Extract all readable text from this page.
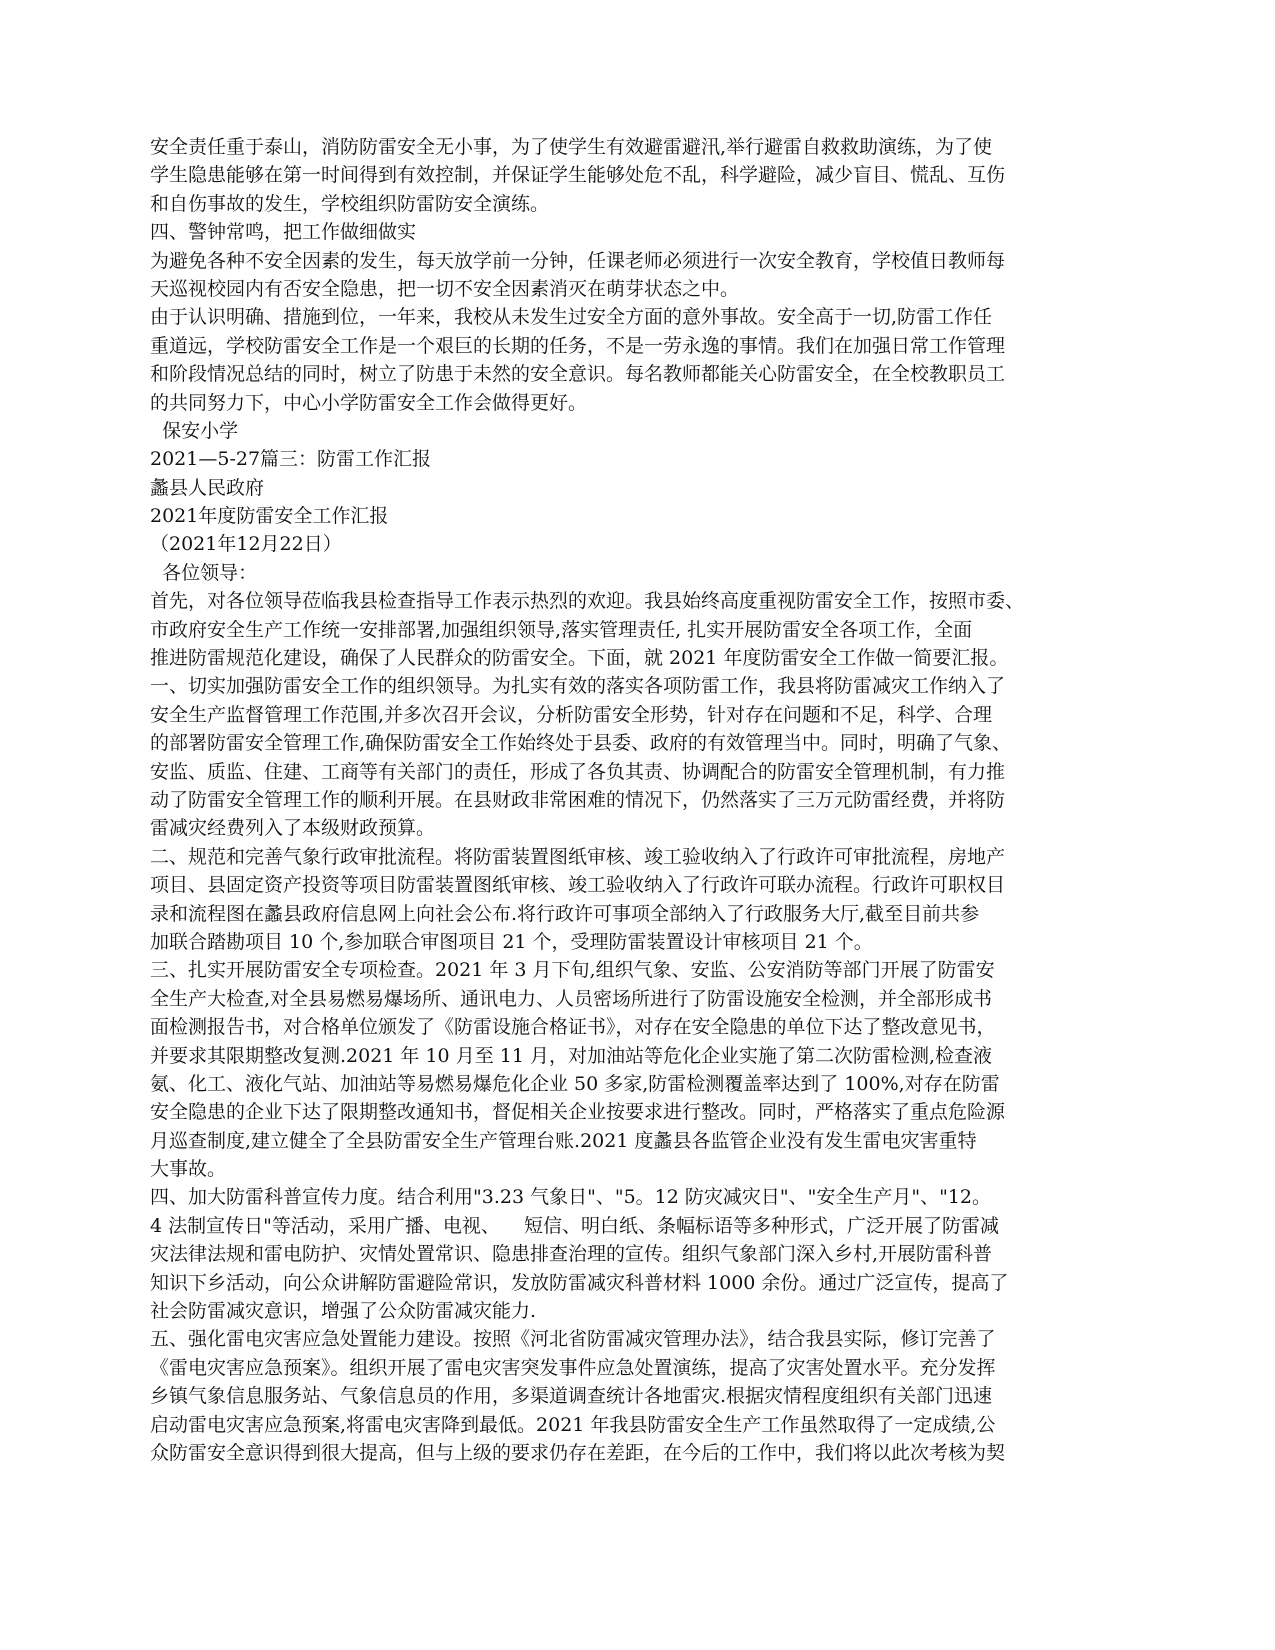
安全责任重于泰山，消防防雷安全无小事，为了使学生有效避雷避汛,举行避雷自救救助演练，为了使
学生隐患能够在第一时间得到有效控制，并保证学生能够处危不乱，科学避险，减少盲目、慌乱、互伤
和自伤事故的发生，学校组织防雷防安全演练。
四、警钟常鸣，把工作做细做实
为避免各种不安全因素的发生，每天放学前一分钟，任课老师必须进行一次安全教育，学校值日教师每
天巡视校园内有否安全隐患，把一切不安全因素消灭在萌芽状态之中。
由于认识明确、措施到位，一年来，我校从未发生过安全方面的意外事故。安全高于一切,防雷工作任
重道远，学校防雷安全工作是一个艰巨的长期的任务，不是一劳永逸的事情。我们在加强日常工作管理
和阶段情况总结的同时，树立了防患于未然的安全意识。每名教师都能关心防雷安全，在全校教职员工
的共同努力下，中心小学防雷安全工作会做得更好。
保安小学
2021—5-27篇三：防雷工作汇报
蠡县人民政府
2021年度防雷安全工作汇报
（2021年12月22日）
各位领导：
首先，对各位领导莅临我县检查指导工作表示热烈的欢迎。我县始终高度重视防雷安全工作，按照市委、
市政府安全生产工作统一安排部署,加强组织领导,落实管理责任, 扎实开展防雷安全各项工作，全面
推进防雷规范化建设，确保了人民群众的防雷安全。下面，就 2021 年度防雷安全工作做一简要汇报。
一、切实加强防雷安全工作的组织领导。为扎实有效的落实各项防雷工作，我县将防雷减灾工作纳入了
安全生产监督管理工作范围,并多次召开会议，分析防雷安全形势，针对存在问题和不足，科学、合理
的部署防雷安全管理工作,确保防雷安全工作始终处于县委、政府的有效管理当中。同时，明确了气象、
安监、质监、住建、工商等有关部门的责任，形成了各负其责、协调配合的防雷安全管理机制，有力推
动了防雷安全管理工作的顺利开展。在县财政非常困难的情况下，仍然落实了三万元防雷经费，并将防
雷减灾经费列入了本级财政预算。
二、规范和完善气象行政审批流程。将防雷装置图纸审核、竣工验收纳入了行政许可审批流程，房地产
项目、县固定资产投资等项目防雷装置图纸审核、竣工验收纳入了行政许可联办流程。行政许可职权目
录和流程图在蠡县政府信息网上向社会公布.将行政许可事项全部纳入了行政服务大厅,截至目前共参
加联合踏勘项目 10 个,参加联合审图项目 21 个，受理防雷装置设计审核项目 21 个。
三、扎实开展防雷安全专项检查。2021 年 3 月下旬,组织气象、安监、公安消防等部门开展了防雷安
全生产大检查,对全县易燃易爆场所、通讯电力、人员密场所进行了防雷设施安全检测，并全部形成书
面检测报告书，对合格单位颁发了《防雷设施合格证书》，对存在安全隐患的单位下达了整改意见书，
并要求其限期整改复测.2021 年 10 月至 11 月，对加油站等危化企业实施了第二次防雷检测,检查液
氨、化工、液化气站、加油站等易燃易爆危化企业 50 多家,防雷检测覆盖率达到了 100%,对存在防雷
安全隐患的企业下达了限期整改通知书，督促相关企业按要求进行整改。同时，严格落实了重点危险源
月巡查制度,建立健全了全县防雷安全生产管理台账.2021 度蠡县各监管企业没有发生雷电灾害重特
大事故。
四、加大防雷科普宣传力度。结合利用"3.23 气象日"、"5。12 防灾减灾日"、"安全生产月"、"12。
4 法制宣传日"等活动，采用广播、电视、    短信、明白纸、条幅标语等多种形式，广泛开展了防雷减
灾法律法规和雷电防护、灾情处置常识、隐患排查治理的宣传。组织气象部门深入乡村,开展防雷科普
知识下乡活动，向公众讲解防雷避险常识，发放防雷减灾科普材料 1000 余份。通过广泛宣传，提高了
社会防雷减灾意识，增强了公众防雷减灾能力.
五、强化雷电灾害应急处置能力建设。按照《河北省防雷减灾管理办法》，结合我县实际，修订完善了
《雷电灾害应急预案》。组织开展了雷电灾害突发事件应急处置演练，提高了灾害处置水平。充分发挥
乡镇气象信息服务站、气象信息员的作用，多渠道调查统计各地雷灾.根据灾情程度组织有关部门迅速
启动雷电灾害应急预案,将雷电灾害降到最低。2021 年我县防雷安全生产工作虽然取得了一定成绩,公
众防雷安全意识得到很大提高，但与上级的要求仍存在差距，在今后的工作中，我们将以此次考核为契
